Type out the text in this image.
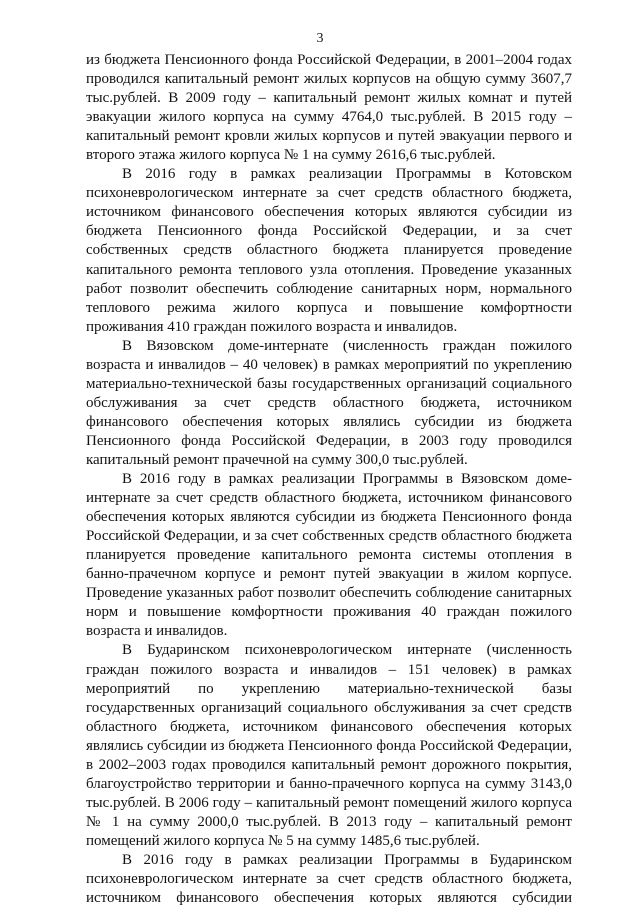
3

из бюджета Пенсионного фонда Российской Федерации, в 2001–2004 годах проводился капитальный ремонт жилых корпусов на общую сумму 3607,7 тыс.рублей. В 2009 году – капитальный ремонт жилых комнат и путей эвакуации жилого корпуса на сумму 4764,0 тыс.рублей. В 2015 году – капитальный ремонт кровли жилых корпусов и путей эвакуации первого и второго этажа жилого корпуса № 1 на сумму 2616,6 тыс.рублей.

В 2016 году в рамках реализации Программы в Котовском психоневрологическом интернате за счет средств областного бюджета, источником финансового обеспечения которых являются субсидии из бюджета Пенсионного фонда Российской Федерации, и за счет собственных средств областного бюджета планируется проведение капитального ремонта теплового узла отопления. Проведение указанных работ позволит обеспечить соблюдение санитарных норм, нормального теплового режима жилого корпуса и повышение комфортности проживания 410 граждан пожилого возраста и инвалидов.

В Вязовском доме-интернате (численность граждан пожилого возраста и инвалидов – 40 человек) в рамках мероприятий по укреплению материально-технической базы государственных организаций социального обслуживания за счет средств областного бюджета, источником финансового обеспечения которых являлись субсидии из бюджета Пенсионного фонда Российской Федерации, в 2003 году проводился капитальный ремонт прачечной на сумму 300,0 тыс.рублей.

В 2016 году в рамках реализации Программы в Вязовском доме-интернате за счет средств областного бюджета, источником финансового обеспечения которых являются субсидии из бюджета Пенсионного фонда Российской Федерации, и за счет собственных средств областного бюджета планируется проведение капитального ремонта системы отопления в банно-прачечном корпусе и ремонт путей эвакуации в жилом корпусе. Проведение указанных работ позволит обеспечить соблюдение санитарных норм и повышение комфортности проживания 40 граждан пожилого возраста и инвалидов.

В Бударинском психоневрологическом интернате (численность граждан пожилого возраста и инвалидов – 151 человек) в рамках мероприятий по укреплению материально-технической базы государственных организаций социального обслуживания за счет средств областного бюджета, источником финансового обеспечения которых являлись субсидии из бюджета Пенсионного фонда Российской Федерации, в 2002–2003 годах проводился капитальный ремонт дорожного покрытия, благоустройство территории и банно-прачечного корпуса на сумму 3143,0 тыс.рублей. В 2006 году – капитальный ремонт помещений жилого корпуса № 1 на сумму 2000,0 тыс.рублей. В 2013 году – капитальный ремонт помещений жилого корпуса № 5 на сумму 1485,6 тыс.рублей.

В 2016 году в рамках реализации Программы в Бударинском психоневрологическом интернате за счет средств областного бюджета, источником финансового обеспечения которых являются субсидии
